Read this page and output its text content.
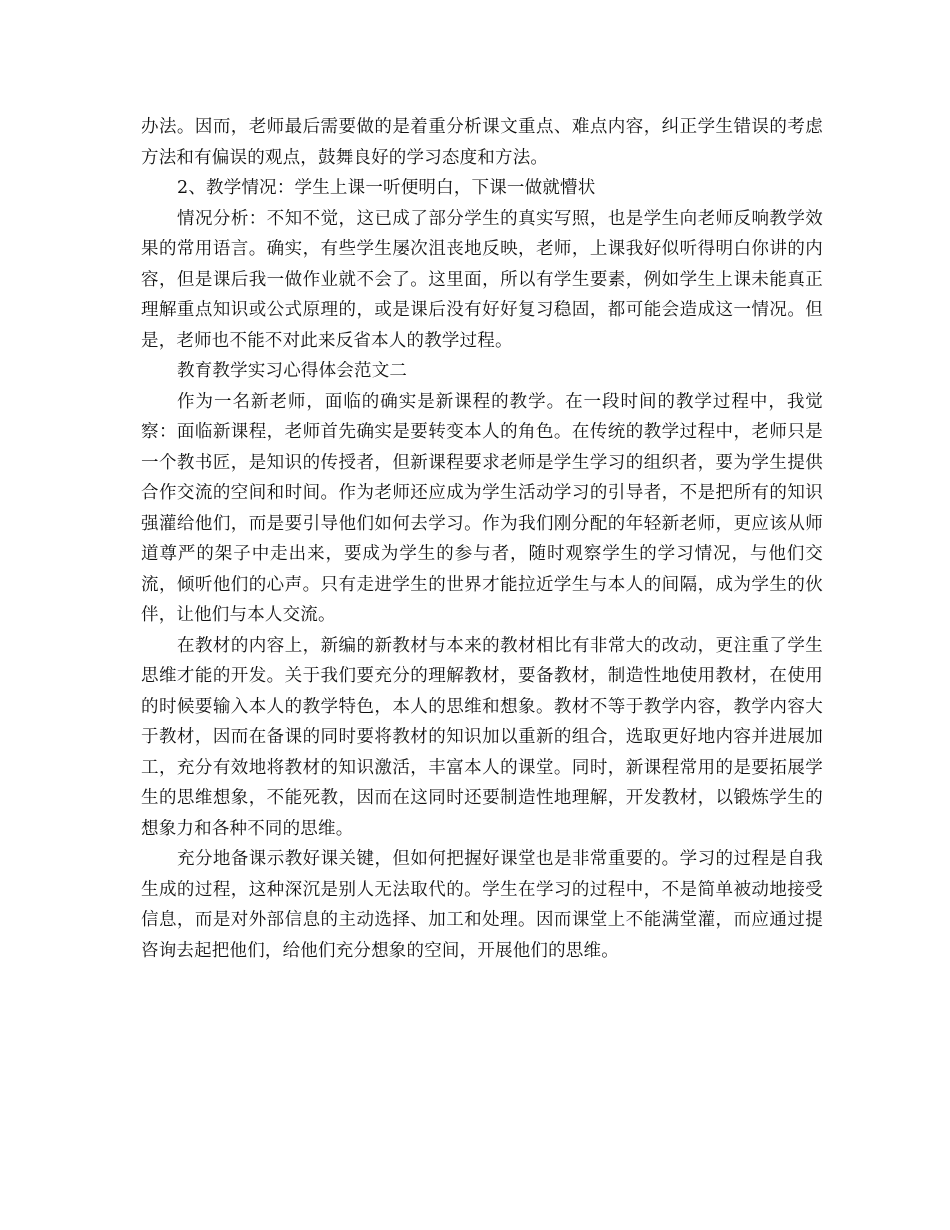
办法。因而，老师最后需要做的是着重分析课文重点、难点内容，纠正学生错误的考虑方法和有偏误的观点，鼓舞良好的学习态度和方法。

2、教学情况：学生上课一听便明白，下课一做就懵状

情况分析：不知不觉，这已成了部分学生的真实写照，也是学生向老师反响教学效果的常用语言。确实，有些学生屡次沮丧地反映，老师，上课我好似听得明白你讲的内容，但是课后我一做作业就不会了。这里面，所以有学生要素，例如学生上课未能真正理解重点知识或公式原理的，或是课后没有好好复习稳固，都可能会造成这一情况。但是，老师也不能不对此来反省本人的教学过程。

教育教学实习心得体会范文二

作为一名新老师，面临的确实是新课程的教学。在一段时间的教学过程中，我觉察：面临新课程，老师首先确实是要转变本人的角色。在传统的教学过程中，老师只是一个教书匠，是知识的传授者，但新课程要求老师是学生学习的组织者，要为学生提供合作交流的空间和时间。作为老师还应成为学生活动学习的引导者，不是把所有的知识强灌给他们，而是要引导他们如何去学习。作为我们刚分配的年轻新老师，更应该从师道尊严的架子中走出来，要成为学生的参与者，随时观察学生的学习情况，与他们交流，倾听他们的心声。只有走进学生的世界才能拉近学生与本人的间隔，成为学生的伙伴，让他们与本人交流。

在教材的内容上，新编的新教材与本来的教材相比有非常大的改动，更注重了学生思维才能的开发。关于我们要充分的理解教材，要备教材，制造性地使用教材，在使用的时候要输入本人的教学特色，本人的思维和想象。教材不等于教学内容，教学内容大于教材，因而在备课的同时要将教材的知识加以重新的组合，选取更好地内容并进展加工，充分有效地将教材的知识激活，丰富本人的课堂。同时，新课程常用的是要拓展学生的思维想象，不能死教，因而在这同时还要制造性地理解，开发教材，以锻炼学生的想象力和各种不同的思维。

充分地备课示教好课关键，但如何把握好课堂也是非常重要的。学习的过程是自我生成的过程，这种深沉是别人无法取代的。学生在学习的过程中，不是简单被动地接受信息，而是对外部信息的主动选择、加工和处理。因而课堂上不能满堂灌，而应通过提咨询去起把他们，给他们充分想象的空间，开展他们的思维。
